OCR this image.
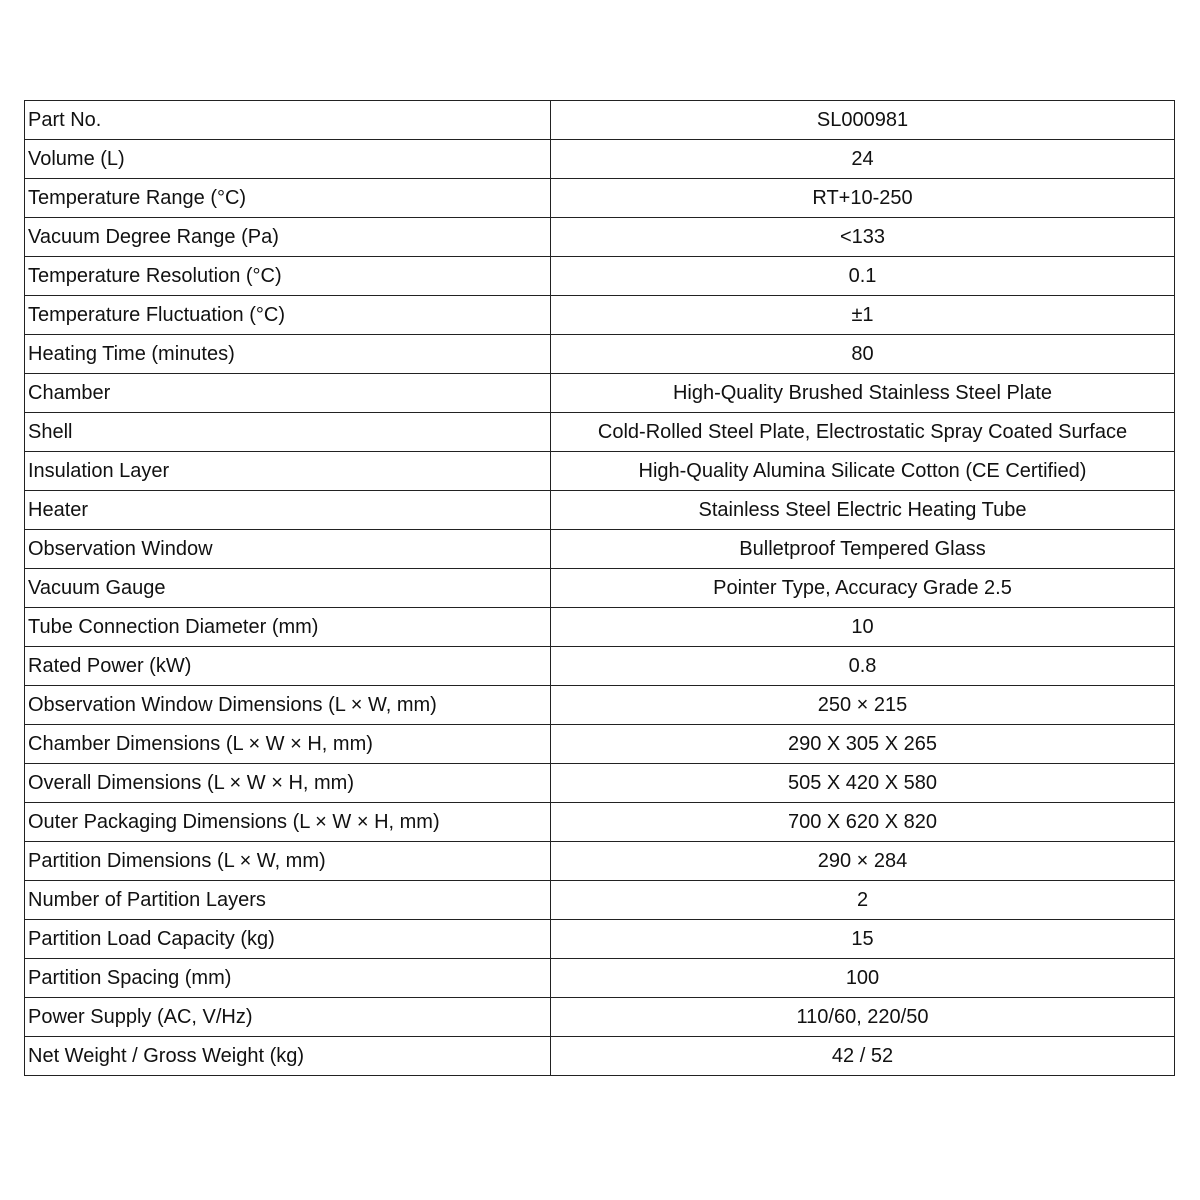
Part No.	SL000981
Volume (L)	24
Temperature Range (°C)	RT+10-250
Vacuum Degree Range (Pa)	<133
Temperature Resolution (°C)	0.1
Temperature Fluctuation (°C)	±1
Heating Time (minutes)	80
Chamber	High-Quality Brushed Stainless Steel Plate
Shell	Cold-Rolled Steel Plate, Electrostatic Spray Coated Surface
Insulation Layer	High-Quality Alumina Silicate Cotton (CE Certified)
Heater	Stainless Steel Electric Heating Tube
Observation Window	Bulletproof Tempered Glass
Vacuum Gauge	Pointer Type, Accuracy Grade 2.5
Tube Connection Diameter (mm)	10
Rated Power (kW)	0.8
Observation Window Dimensions (L × W, mm)	250 × 215
Chamber Dimensions (L × W × H, mm)	290 X 305 X 265
Overall Dimensions (L × W × H, mm)	505 X 420 X 580
Outer Packaging Dimensions (L × W × H, mm)	700 X 620 X 820
Partition Dimensions (L × W, mm)	290 × 284
Number of Partition Layers	2
Partition Load Capacity (kg)	15
Partition Spacing (mm)	100
Power Supply (AC, V/Hz)	110/60, 220/50
Net Weight / Gross Weight (kg)	42 / 52
